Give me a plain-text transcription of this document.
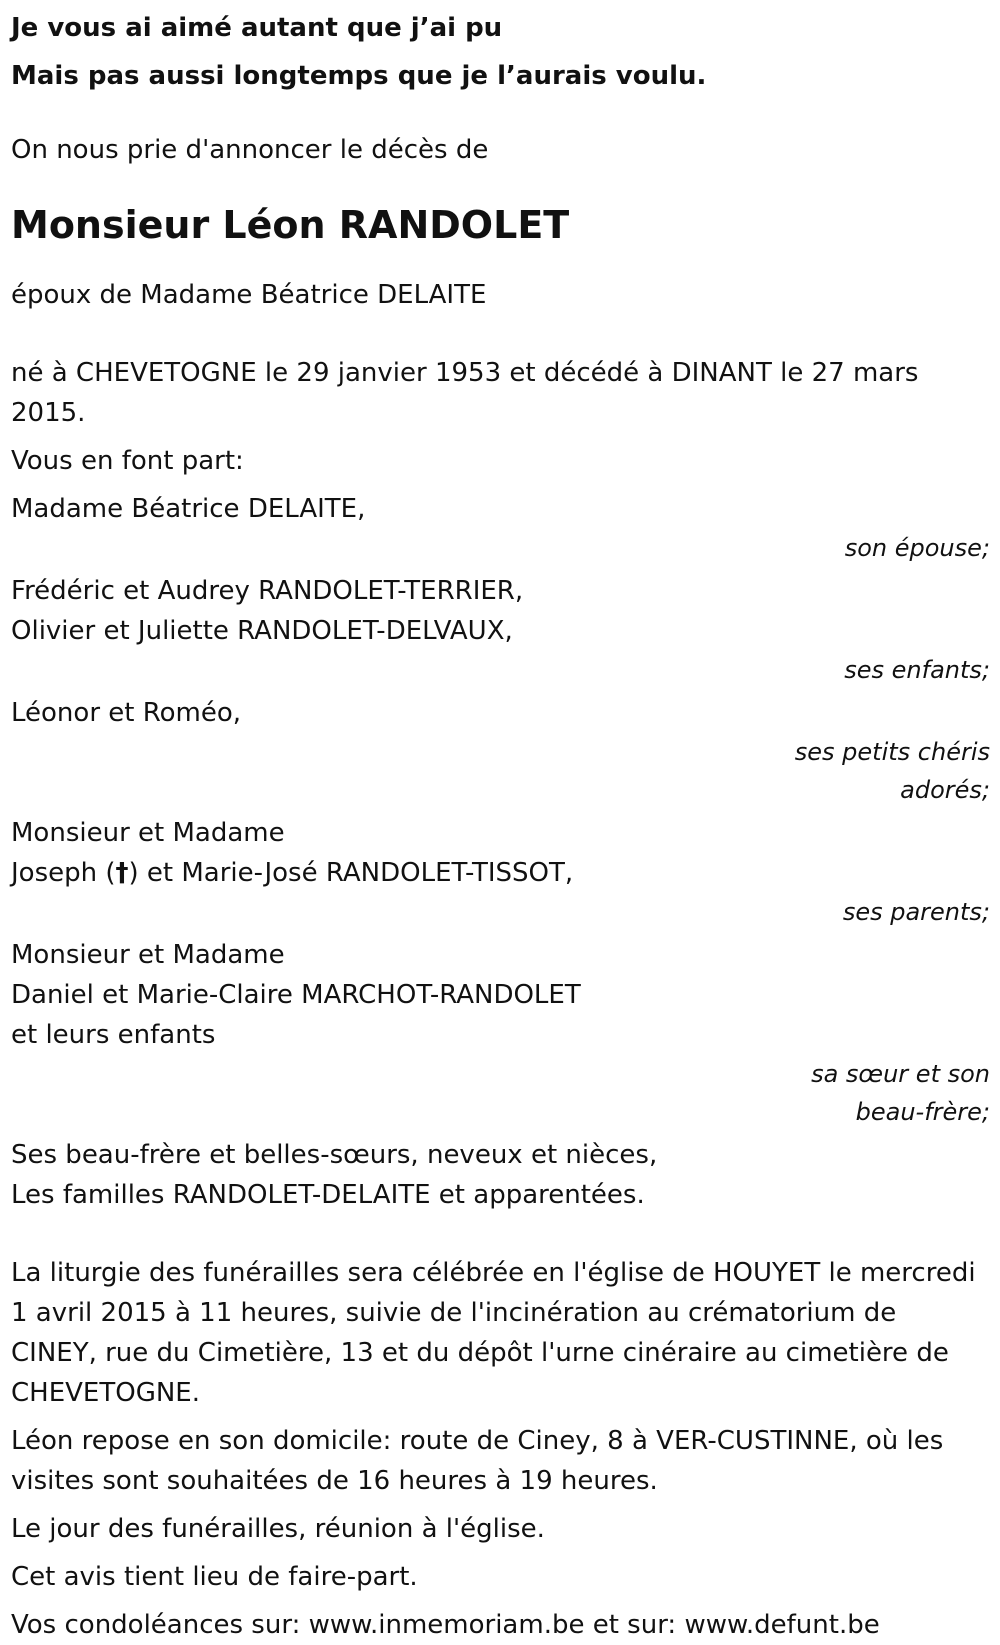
Je vous ai aimé autant que j’ai pu

Mais pas aussi longtemps que je l’aurais voulu.

On nous prie d'annoncer le décès de

Monsieur Léon RANDOLET

époux de Madame Béatrice DELAITE

né à CHEVETOGNE le 29 janvier 1953 et décédé à DINANT le 27 mars 2015.

Vous en font part:

Madame Béatrice DELAITE,

son épouse;

Frédéric et Audrey RANDOLET-TERRIER,

Olivier et Juliette RANDOLET-DELVAUX,

ses enfants;

Léonor et Roméo,

ses petits chéris

adorés;

Monsieur et Madame

Joseph (†) et Marie-José RANDOLET-TISSOT,

ses parents;

Monsieur et Madame

Daniel et Marie-Claire MARCHOT-RANDOLET

et leurs enfants

sa sœur et son

beau-frère;

Ses beau-frère et belles-sœurs, neveux et nièces,

Les familles RANDOLET-DELAITE et apparentées.

La liturgie des funérailles sera célébrée en l'église de HOUYET le mercredi 1 avril 2015 à 11 heures, suivie de l'incinération au crématorium de CINEY, rue du Cimetière, 13 et du dépôt l'urne cinéraire au cimetière de CHEVETOGNE.

Léon repose en son domicile: route de Ciney, 8 à VER-CUSTINNE, où les visites sont souhaitées de 16 heures à 19 heures.

Le jour des funérailles, réunion à l'église.

Cet avis tient lieu de faire-part.

Vos condoléances sur: www.inmemoriam.be et sur: www.defunt.be
